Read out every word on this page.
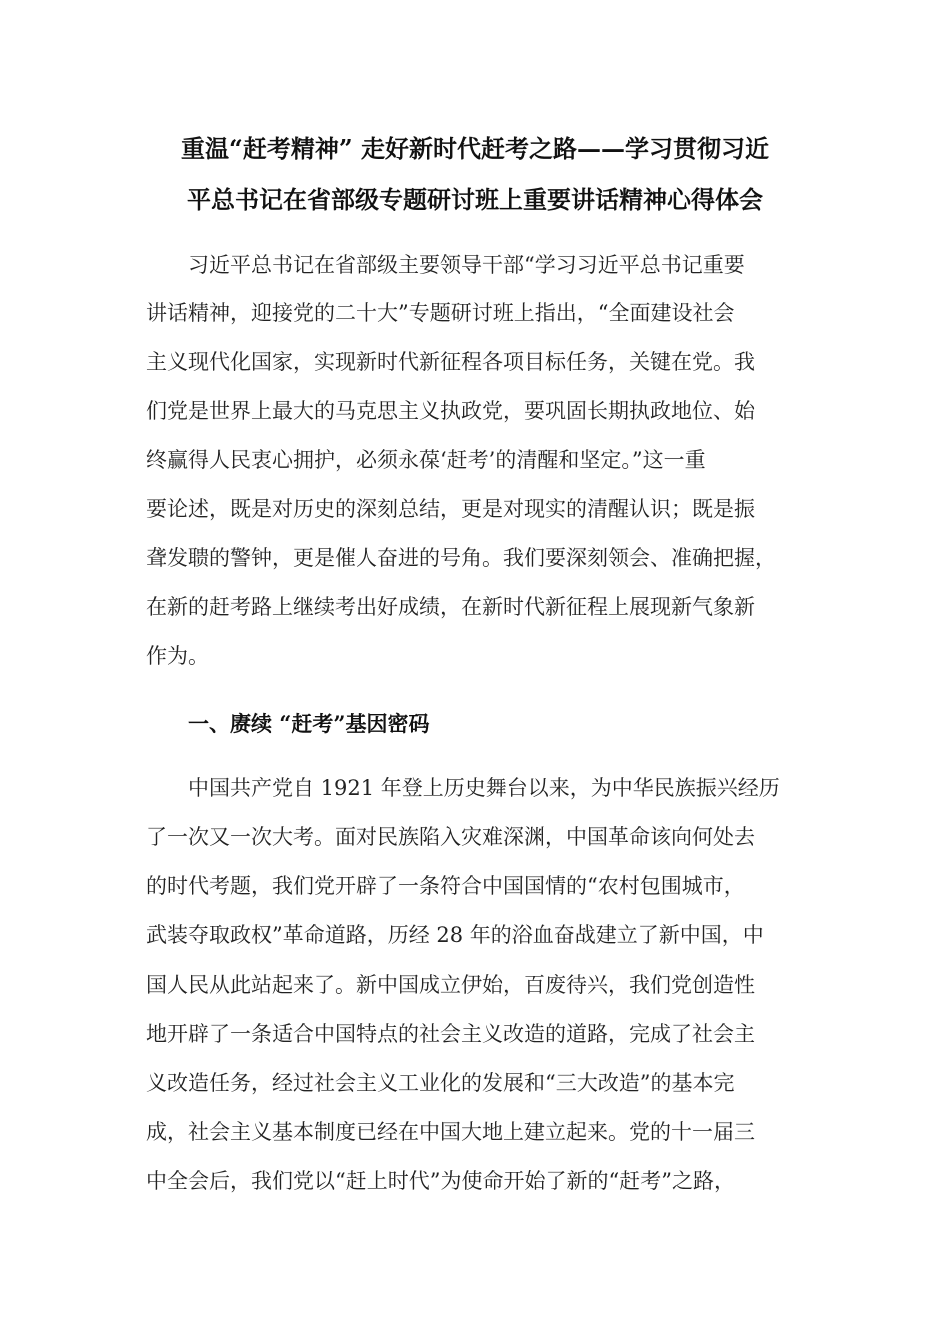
重温“赶考精神” 走好新时代赶考之路——学习贯彻习近
平总书记在省部级专题研讨班上重要讲话精神心得体会
习近平总书记在省部级主要领导干部“学习习近平总书记重要
讲话精神，迎接党的二十大”专题研讨班上指出，“全面建设社会
主义现代化国家，实现新时代新征程各项目标任务，关键在党。我
们党是世界上最大的马克思主义执政党，要巩固长期执政地位、始
终赢得人民衷心拥护，必须永葆‘赶考’的清醒和坚定。”这一重
要论述，既是对历史的深刻总结，更是对现实的清醒认识；既是振
聋发聩的警钟，更是催人奋进的号角。我们要深刻领会、准确把握，
在新的赶考路上继续考出好成绩，在新时代新征程上展现新气象新
作为。
一、赓续 “赶考”基因密码
中国共产党自 1921 年登上历史舞台以来，为中华民族振兴经历
了一次又一次大考。面对民族陷入灾难深渊，中国革命该向何处去
的时代考题，我们党开辟了一条符合中国国情的“农村包围城市，
武装夺取政权”革命道路，历经 28 年的浴血奋战建立了新中国，中
国人民从此站起来了。新中国成立伊始，百废待兴，我们党创造性
地开辟了一条适合中国特点的社会主义改造的道路，完成了社会主
义改造任务，经过社会主义工业化的发展和“三大改造”的基本完
成，社会主义基本制度已经在中国大地上建立起来。党的十一届三
中全会后，我们党以“赶上时代”为使命开始了新的“赶考”之路，
